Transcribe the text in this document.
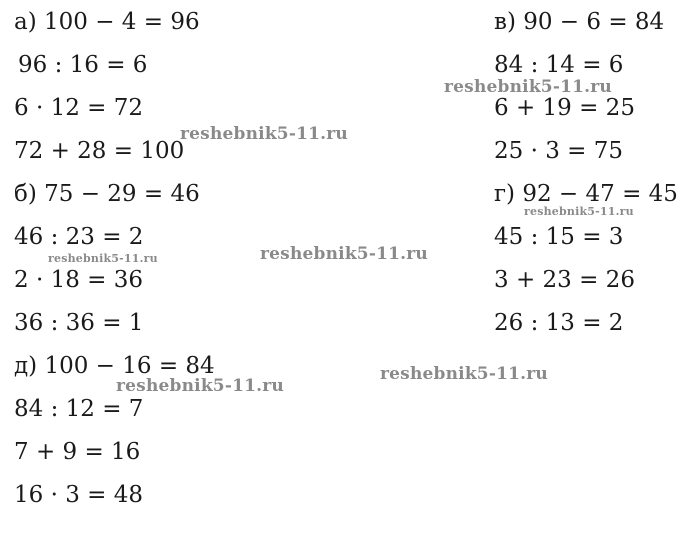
а) 100 − 4 = 96
96 : 16 = 6
6 · 12 = 72
72 + 28 = 100
б) 75 − 29 = 46
46 : 23 = 2
2 · 18 = 36
36 : 36 = 1
д) 100 − 16 = 84
84 : 12 = 7
7 + 9 = 16
16 · 3 = 48
в) 90 − 6 = 84
84 : 14 = 6
6 + 19 = 25
25 · 3 = 75
г) 92 − 47 = 45
45 : 15 = 3
3 + 23 = 26
26 : 13 = 2
reshebnik5-11.ru
reshebnik5-11.ru
reshebnik5-11.ru
reshebnik5-11.ru	reshebnik5-11.ru
reshebnik5-11.ru
reshebnik5-11.ru
